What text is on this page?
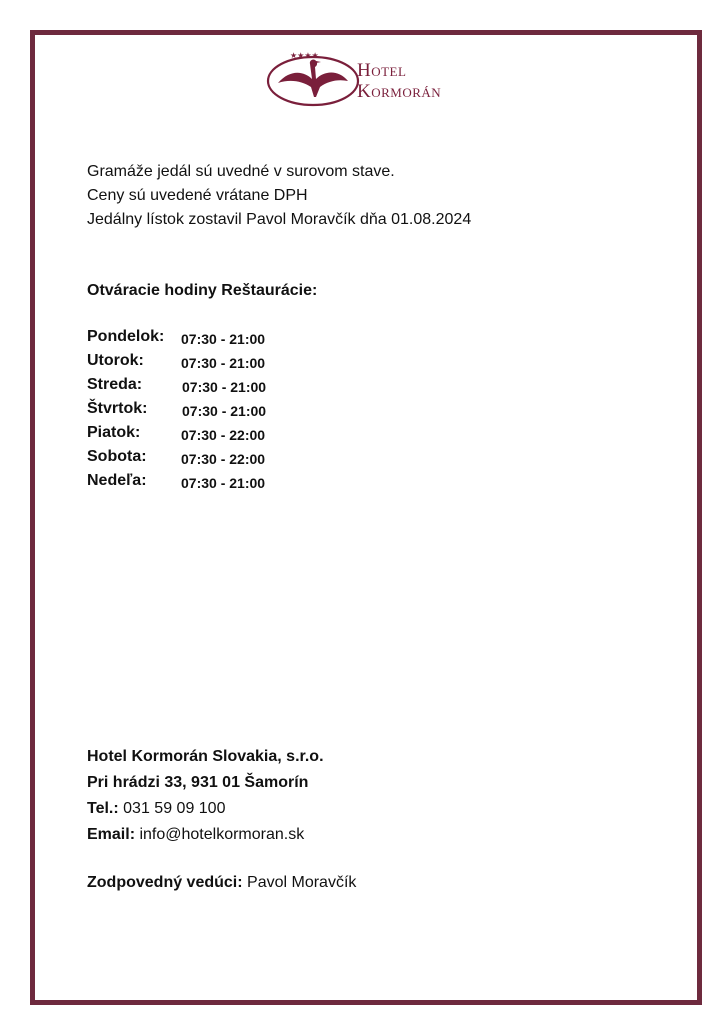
★★★★
Hotel
Kormorán
Gramáže jedál sú uvedné v surovom stave.
Ceny sú uvedené vrátane DPH
Jedálny lístok zostavil Pavol Moravčík dňa 01.08.2024
Otváracie hodiny Reštaurácie:
Pondelok: 07:30 - 21:00
Utorok:	07:30 - 21:00
Streda:	07:30 - 21:00
Štvrtok: 07:30 - 21:00
Piatok:	07:30 - 22:00
Sobota: 07:30 - 22:00
Nedeľa: 07:30 - 21:00
Hotel Kormorán Slovakia, s.r.o.
Pri hrádzi 33, 931 01 Šamorín
Tel.: 031 59 09 100
Email: info@hotelkormoran.sk
Zodpovedný vedúci: Pavol Moravčík
